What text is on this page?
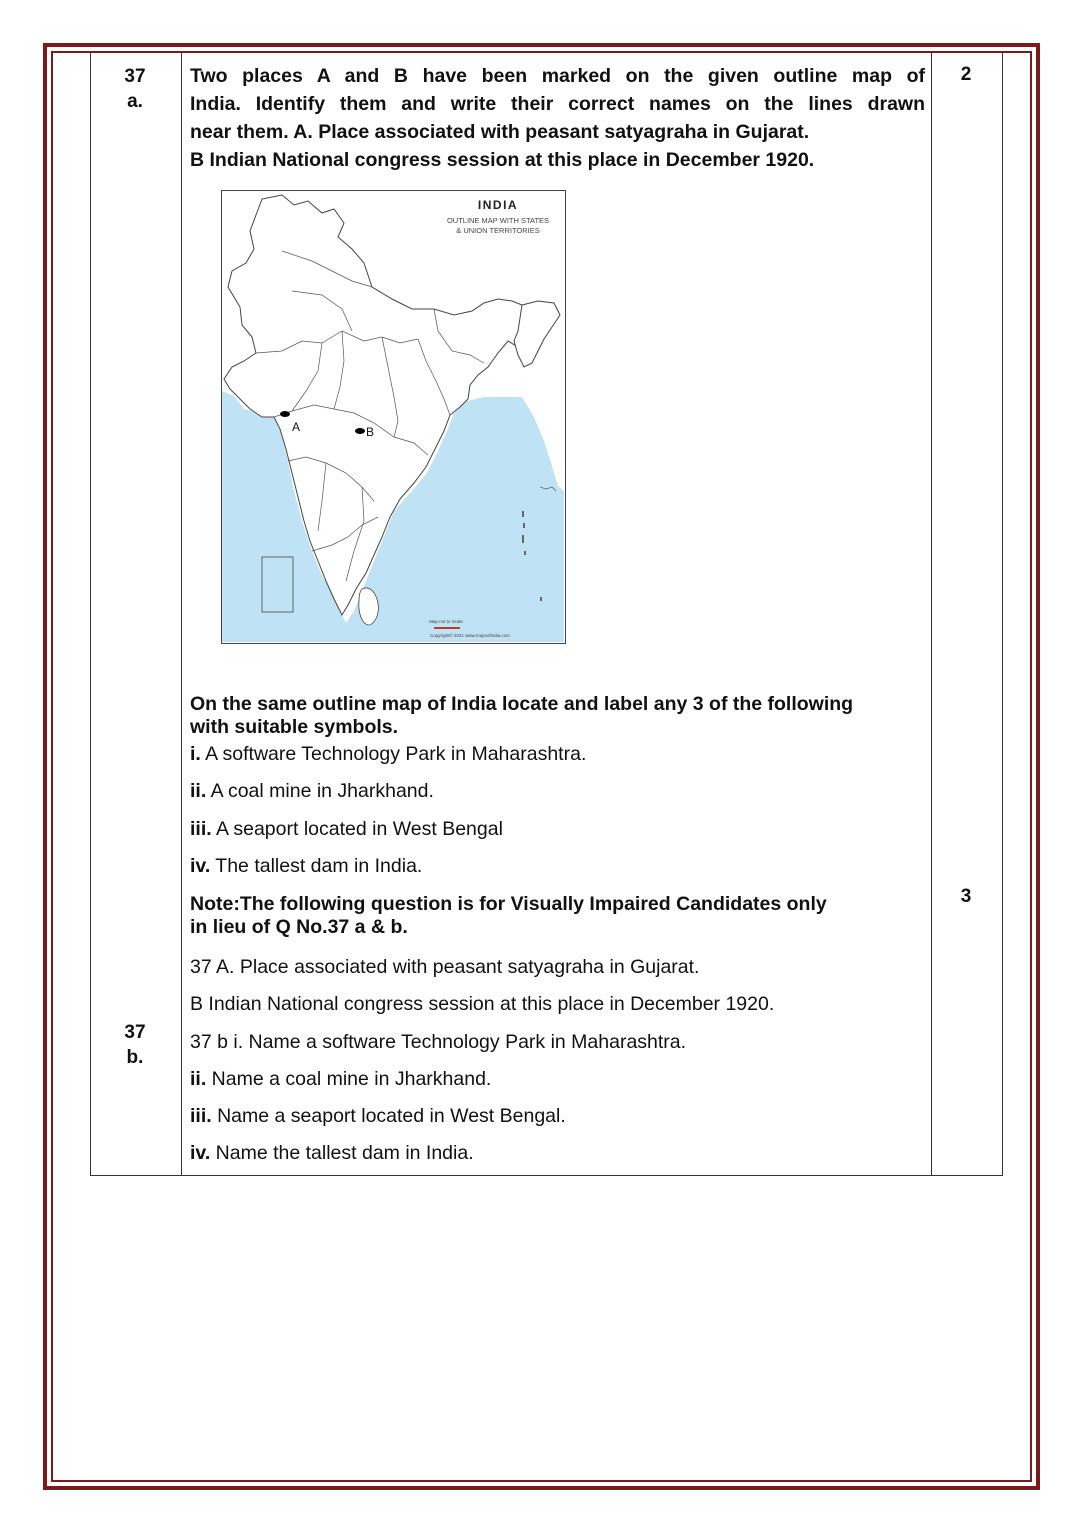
37
a.
2
Two places A and B have been marked on the given outline map of
India. Identify them and write their correct names on the lines drawn
near them. A. Place associated with peasant satyagraha in Gujarat.
B Indian National congress session at this place in December 1920.
INDIA
OUTLINE MAP WITH STATES
& UNION TERRITORIES
A	B
Map not to Scale
Copyright© 2021 www.mapsofindia.com
On the same outline map of India locate and label any 3 of the following
with suitable symbols.
i. A software Technology Park in Maharashtra.
ii. A coal mine in Jharkhand.
iii. A seaport located in West Bengal
iv. The tallest dam in India.
3
Note:The following question is for Visually Impaired Candidates only
in lieu of Q No.37 a & b.
37 A. Place associated with peasant satyagraha in Gujarat.
B Indian National congress session at this place in December 1920.
37
b.
37 b i. Name a software Technology Park in Maharashtra.
ii. Name a coal mine in Jharkhand.
iii. Name a seaport located in West Bengal.
iv. Name the tallest dam in India.
